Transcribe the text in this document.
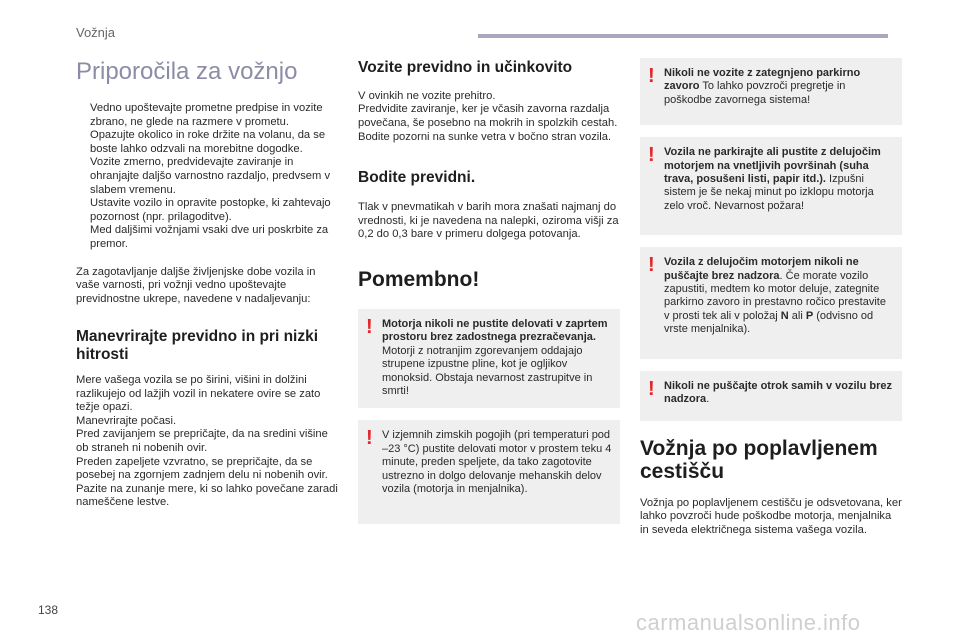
Vožnja
Priporočila za vožnjo
Vedno upoštevajte prometne predpise in vozite zbrano, ne glede na razmere v prometu.
Opazujte okolico in roke držite na volanu, da se boste lahko odzvali na morebitne dogodke.
Vozite zmerno, predvidevajte zaviranje in ohranjajte daljšo varnostno razdaljo, predvsem v slabem vremenu.
Ustavite vozilo in opravite postopke, ki zahtevajo pozornost (npr. prilagoditve).
Med daljšimi vožnjami vsaki dve uri poskrbite za premor.

Za zagotavljanje daljše življenjske dobe vozila in vaše varnosti, pri vožnji vedno upoštevajte previdnostne ukrepe, navedene v nadaljevanju:

Manevrirajte previdno in pri nizki hitrosti

Mere vašega vozila se po širini, višini in dolžini razlikujejo od lažjih vozil in nekatere ovire se zato težje opazi.
Manevrirajte počasi.
Pred zavijanjem se prepričajte, da na sredini višine ob straneh ni nobenih ovir.
Preden zapeljete vzvratno, se prepričajte, da se posebej na zgornjem zadnjem delu ni nobenih ovir.
Pazite na zunanje mere, ki so lahko povečane zaradi nameščene lestve.

Vozite previdno in učinkovito

V ovinkih ne vozite prehitro.
Predvidite zaviranje, ker je včasih zavorna razdalja povečana, še posebno na mokrih in spolzkih cestah.
Bodite pozorni na sunke vetra v bočno stran vozila.

Bodite previdni.

Tlak v pnevmatikah v barih mora znašati najmanj do vrednosti, ki je navedena na nalepki, oziroma višji za 0,2 do 0,3 bare v primeru dolgega potovanja.

Pomembno!
! Motorja nikoli ne pustite delovati v zaprtem prostoru brez zadostnega prezračevanja. Motorji z notranjim zgorevanjem oddajajo strupene izpustne pline, kot je ogljikov monoksid. Obstaja nevarnost zastrupitve in smrti!
! V izjemnih zimskih pogojih (pri temperaturi pod –23 °C) pustite delovati motor v prostem teku 4 minute, preden speljete, da tako zagotovite ustrezno in dolgo delovanje mehanskih delov vozila (motorja in menjalnika).
! Nikoli ne vozite z zategnjeno parkirno zavoro To lahko povzroči pregretje in poškodbe zavornega sistema!
! Vozila ne parkirajte ali pustite z delujočim motorjem na vnetljivih površinah (suha trava, posušeni listi, papir itd.). Izpušni sistem je še nekaj minut po izklopu motorja zelo vroč. Nevarnost požara!
! Vozila z delujočim motorjem nikoli ne puščajte brez nadzora. Če morate vozilo zapustiti, medtem ko motor deluje, zategnite parkirno zavoro in prestavno ročico prestavite v prosti tek ali v položaj N ali P (odvisno od vrste menjalnika).
! Nikoli ne puščajte otrok samih v vozilu brez nadzora.
Vožnja po poplavljenem cestišču

Vožnja po poplavljenem cestišču je odsvetovana, ker lahko povzroči hude poškodbe motorja, menjalnika in seveda električnega sistema vašega vozila.

138	carmanualsonline.info
